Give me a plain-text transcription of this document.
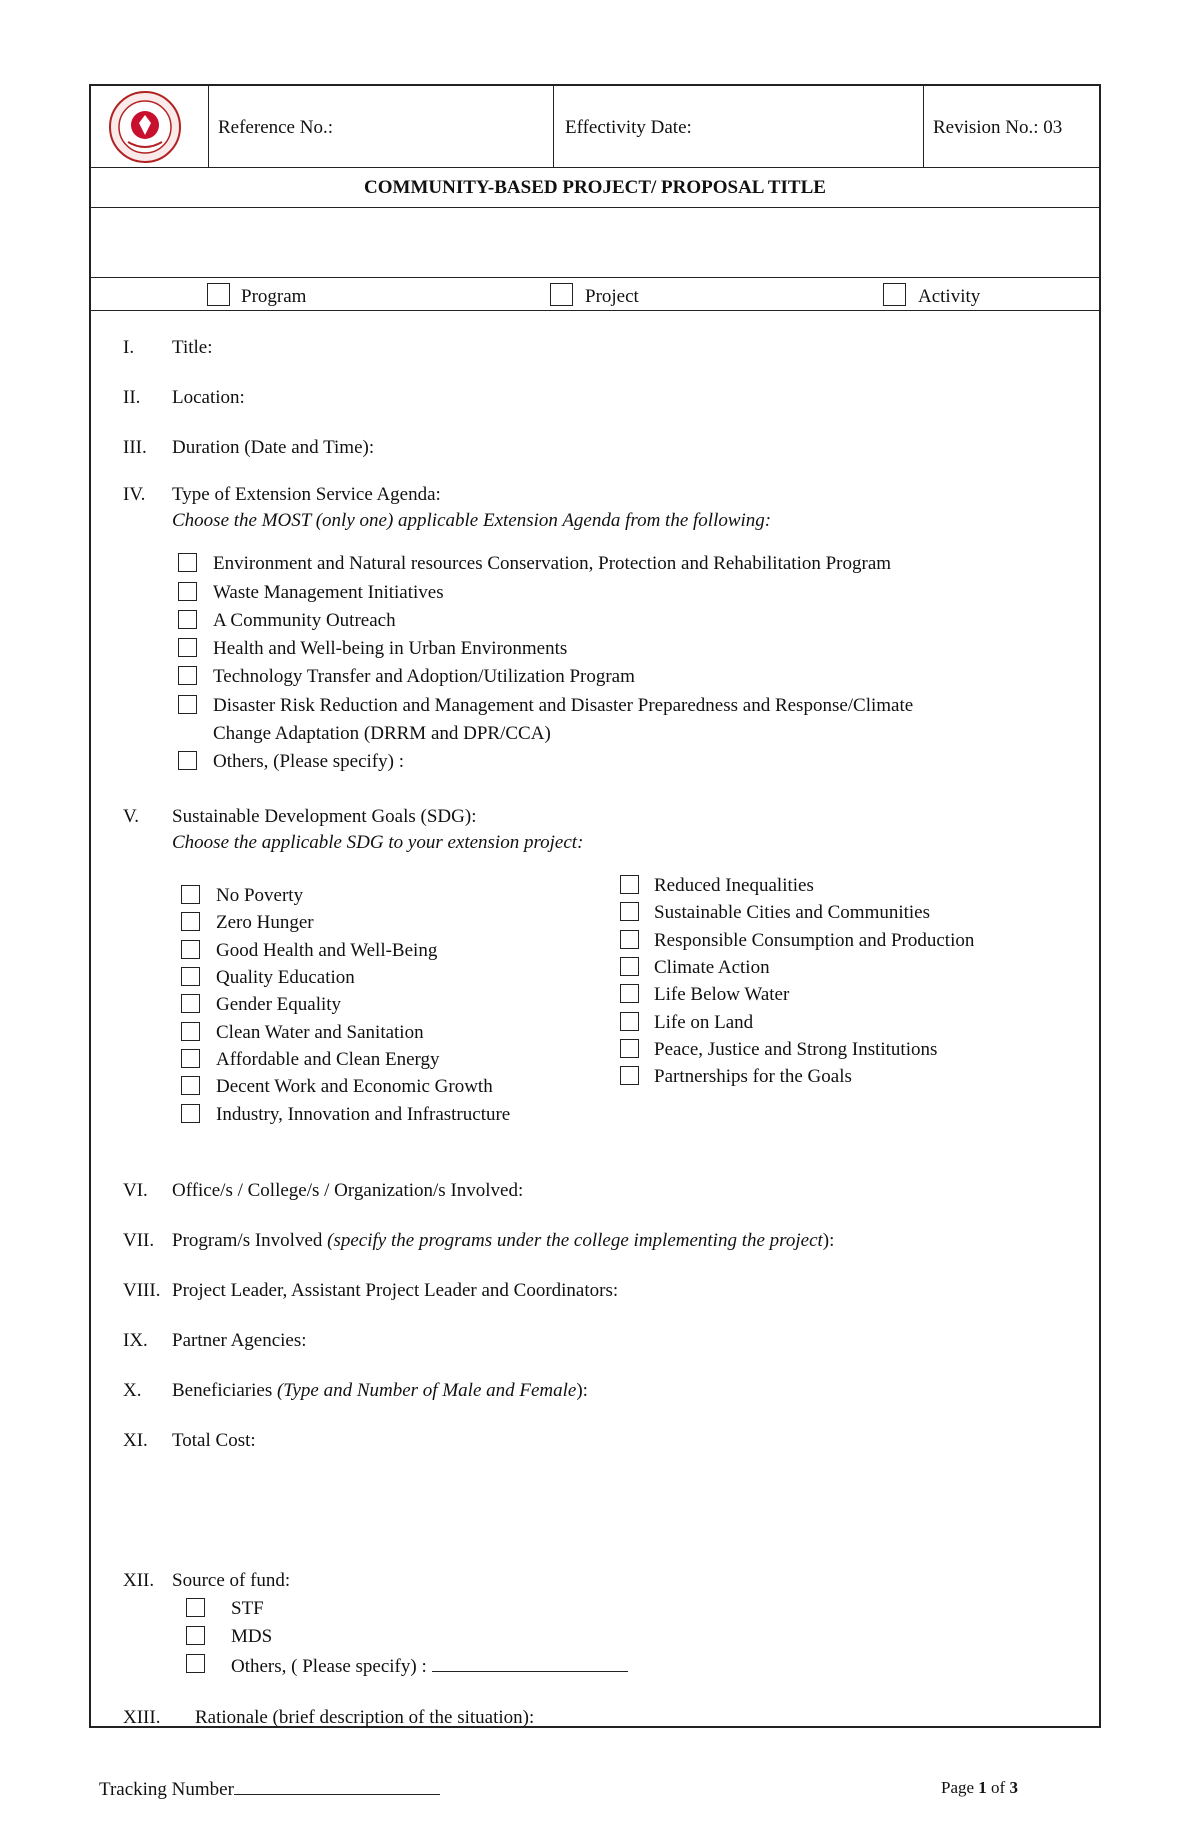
Reference No.:	Effectivity Date:	Revision No.: 03
COMMUNITY-BASED PROJECT/ PROPOSAL TITLE
Program	Project	Activity
I. Title:
II. Location:
III. Duration (Date and Time):
IV. Type of Extension Service Agenda:
Choose the MOST (only one) applicable Extension Agenda from the following:
Environment and Natural resources Conservation, Protection and Rehabilitation Program
Waste Management Initiatives
A Community Outreach
Health and Well-being in Urban Environments
Technology Transfer and Adoption/Utilization Program
Disaster Risk Reduction and Management and Disaster Preparedness and Response/Climate
Change Adaptation (DRRM and DPR/CCA)
Others, (Please specify) :
V. Sustainable Development Goals (SDG):
Choose the applicable SDG to your extension project:
No Poverty
Zero Hunger
Good Health and Well-Being
Quality Education
Gender Equality
Clean Water and Sanitation
Affordable and Clean Energy
Decent Work and Economic Growth
Industry, Innovation and Infrastructure
Reduced Inequalities
Sustainable Cities and Communities
Responsible Consumption and Production
Climate Action
Life Below Water
Life on Land
Peace, Justice and Strong Institutions
Partnerships for the Goals
VI. Office/s / College/s / Organization/s Involved:
VII. Program/s Involved (specify the programs under the college implementing the project):
VIII. Project Leader, Assistant Project Leader and Coordinators:
IX. Partner Agencies:
X. Beneficiaries (Type and Number of Male and Female):
XI. Total Cost:
XII. Source of fund:
STF
MDS
Others, ( Please specify) :
XIII. Rationale (brief description of the situation):
Tracking Number	Page 1 of 3
